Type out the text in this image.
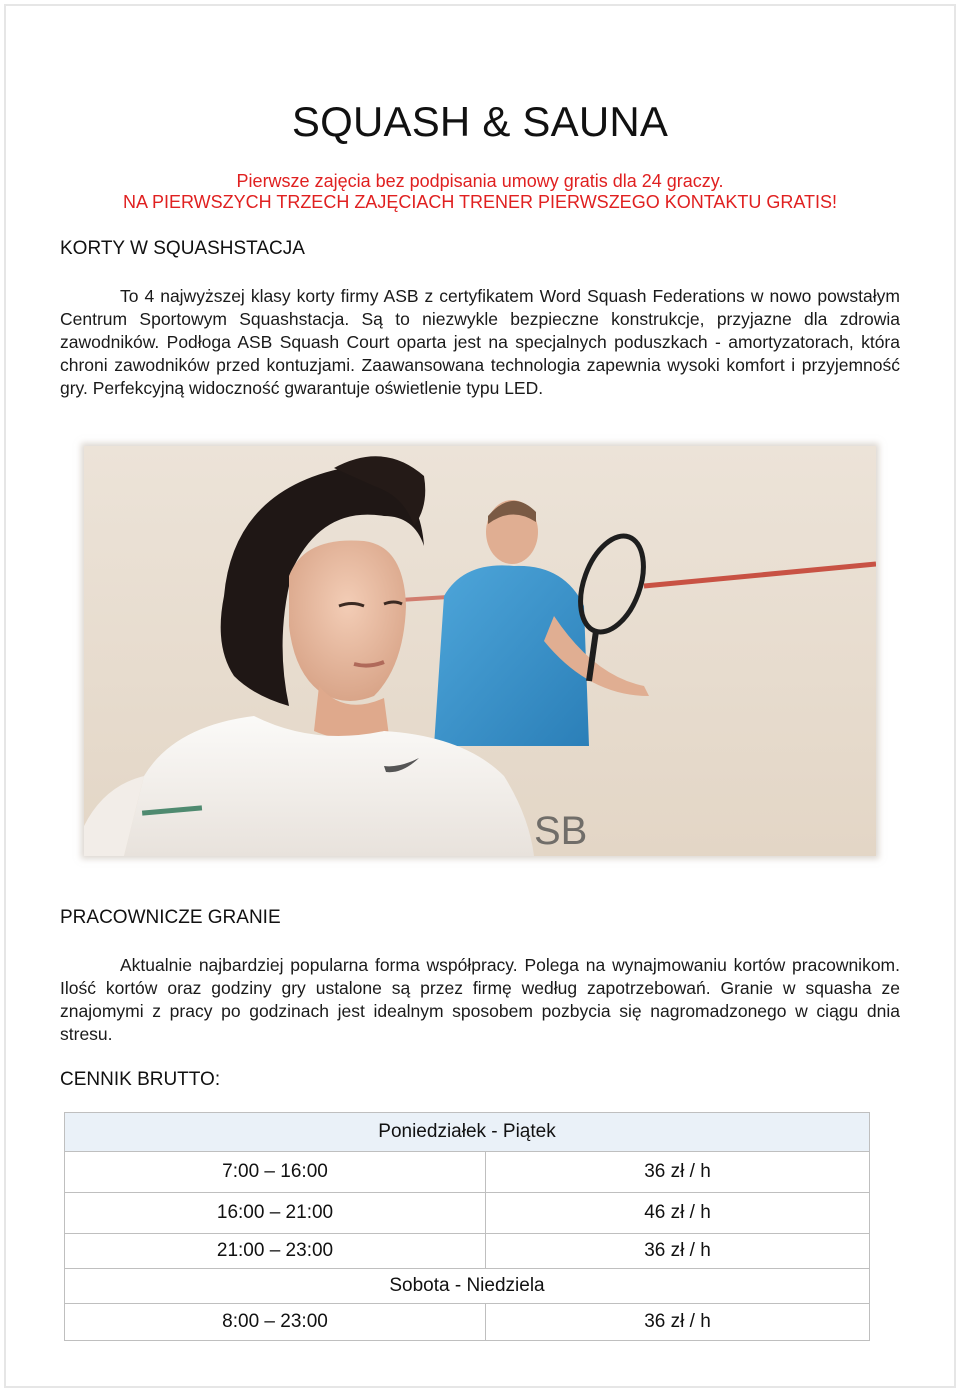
SQUASH & SAUNA
Pierwsze zajęcia bez podpisania umowy gratis dla 24 graczy.
NA PIERWSZYCH TRZECH ZAJĘCIACH TRENER PIERWSZEGO KONTAKTU GRATIS!
KORTY W SQUASHSTACJA

To 4 najwyższej klasy korty firmy ASB z certyfikatem Word Squash Federations w nowo powstałym Centrum Sportowym Squashstacja. Są to niezwykle bezpieczne konstrukcje, przyjazne dla zdrowia zawodników. Podłoga ASB Squash Court oparta jest na specjalnych poduszkach - amortyzatorach, która chroni zawodników przed kontuzjami. Zaawansowana technologia zapewnia wysoki komfort i przyjemność gry. Perfekcyjną widoczność gwarantuje oświetlenie typu LED.

SB
PRACOWNICZE GRANIE

Aktualnie najbardziej popularna forma współpracy. Polega na wynajmowaniu kortów pracownikom. Ilość kortów oraz godziny gry ustalone są przez firmę według zapotrzebowań. Granie w squasha ze znajomymi z pracy po godzinach jest idealnym sposobem pozbycia się nagromadzonego w ciągu dnia stresu.

CENNIK BRUTTO:
Poniedziałek - Piątek	
7:00 – 16:00	36 zł / h
16:00 – 21:00	46 zł / h
21:00 – 23:00	36 zł / h
Sobota - Niedziela	
8:00 – 23:00	36 zł / h
